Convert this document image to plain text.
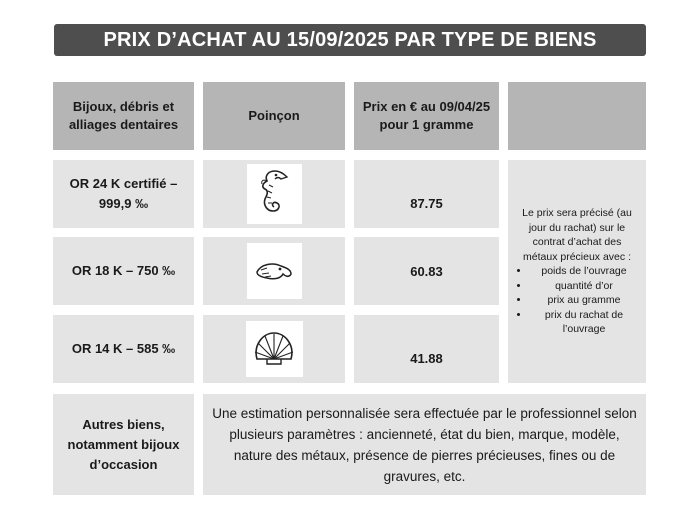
PRIX D’ACHAT AU 15/09/2025 PAR TYPE DE BIENS
Bijoux, débris et alliages dentaires
Poinçon
Prix en € au 09/04/25 pour 1 gramme
OR 24 K certifié – 999,9 ‰	87.75
OR 18 K – 750 ‰	60.83
OR 14 K – 585 ‰
41.88
Le prix sera précisé (au jour du rachat) sur le contrat d’achat des métaux précieux avec :
• poids de l’ouvrage
• quantité d’or
• prix au gramme
• prix du rachat de l’ouvrage
Autres biens, notamment bijoux d’occasion
Une estimation personnalisée sera effectuée par le professionnel selon plusieurs paramètres : ancienneté, état du bien, marque, modèle, nature des métaux, présence de pierres précieuses, fines ou de gravures, etc.
